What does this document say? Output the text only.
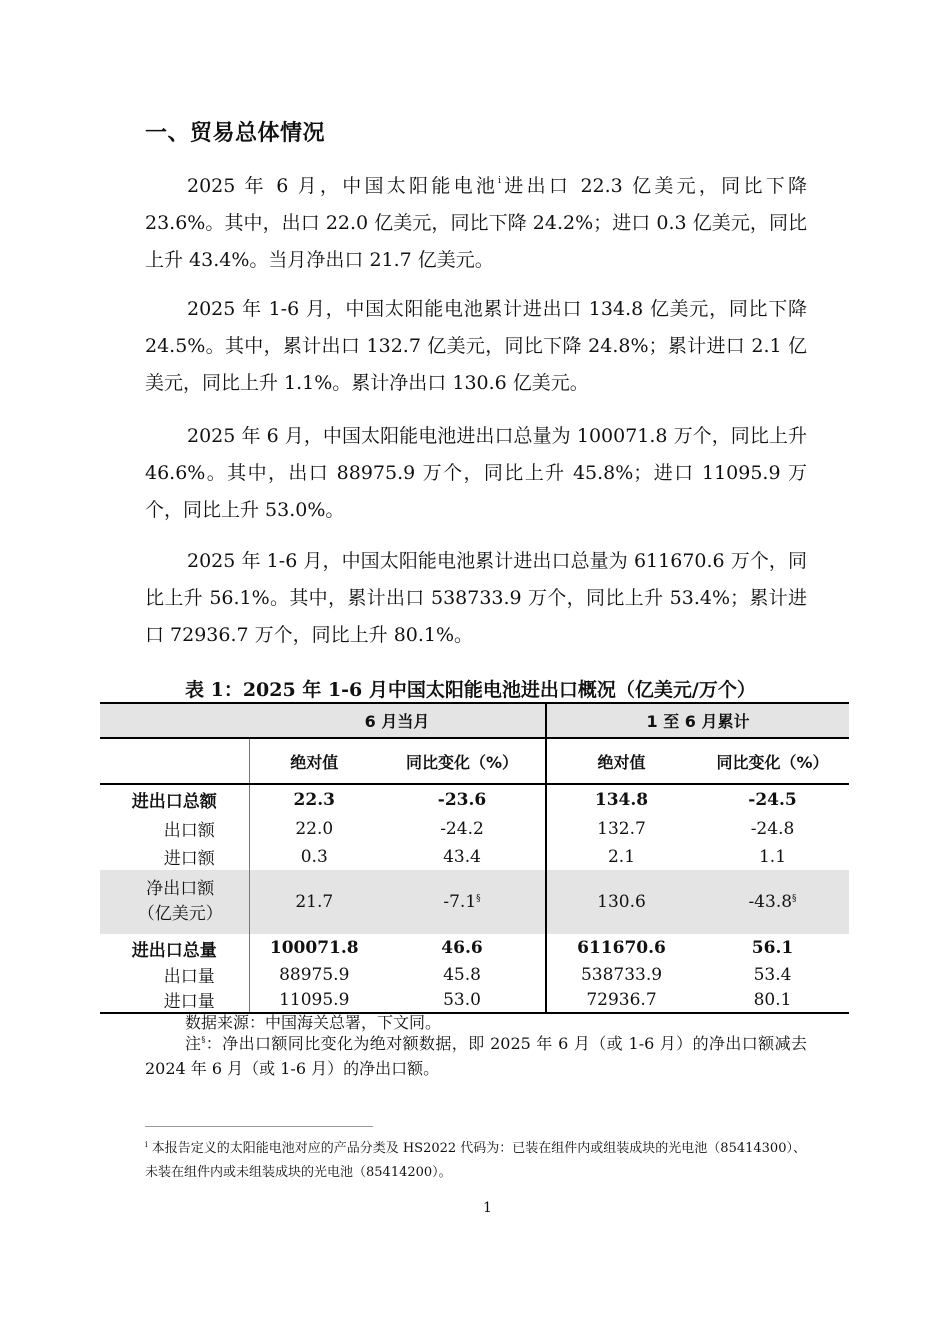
一、贸易总体情况

2025 年 6 月，中国太阳能电池$^i$进出口 22.3 亿美元，同比下降 23.6%。其中，出口 22.0 亿美元，同比下降 24.2%；进口 0.3 亿美元，同比上升 43.4%。当月净出口 21.7 亿美元。

2025 年 1-6 月，中国太阳能电池累计进出口 134.8 亿美元，同比下降 24.5%。其中，累计出口 132.7 亿美元，同比下降 24.8%；累计进口 2.1 亿美元，同比上升 1.1%。累计净出口 130.6 亿美元。

2025 年 6 月，中国太阳能电池进出口总量为 100071.8 万个，同比上升 46.6%。其中，出口 88975.9 万个，同比上升 45.8%；进口 11095.9 万个，同比上升 53.0%。

2025 年 1-6 月，中国太阳能电池累计进出口总量为 611670.6 万个，同比上升 56.1%。其中，累计出口 538733.9 万个，同比上升 53.4%；累计进口 72936.7 万个，同比上升 80.1%。

表 1：2025 年 1-6 月中国太阳能电池进出口概况（亿美元/万个）
	6 月当月		1 至 6 月累计	
	绝对值	同比变化（%）	绝对值	同比变化（%）
进出口总额	22.3	-23.6	134.8	-24.5
出口额	22.0	-24.2	132.7	-24.8
进口额	0.3	43.4	2.1	1.1
净出口额
（亿美元）	21.7	-7.1§	130.6	-43.8§
进出口总量	100071.8	46.6	611670.6	56.1
出口量	88975.9	45.8	538733.9	53.4
进口量	11095.9	53.0	72936.7	80.1
数据来源：中国海关总署，下文同。

注§：净出口额同比变化为绝对额数据，即 2025 年 6 月（或 1-6 月）的净出口额减去 2024 年 6 月（或 1-6 月）的净出口额。

$^i$ 本报告定义的太阳能电池对应的产品分类及 HS2022 代码为：已装在组件内或组装成块的光电池（85414300）、未装在组件内或未组装成块的光电池（85414200）。

1
